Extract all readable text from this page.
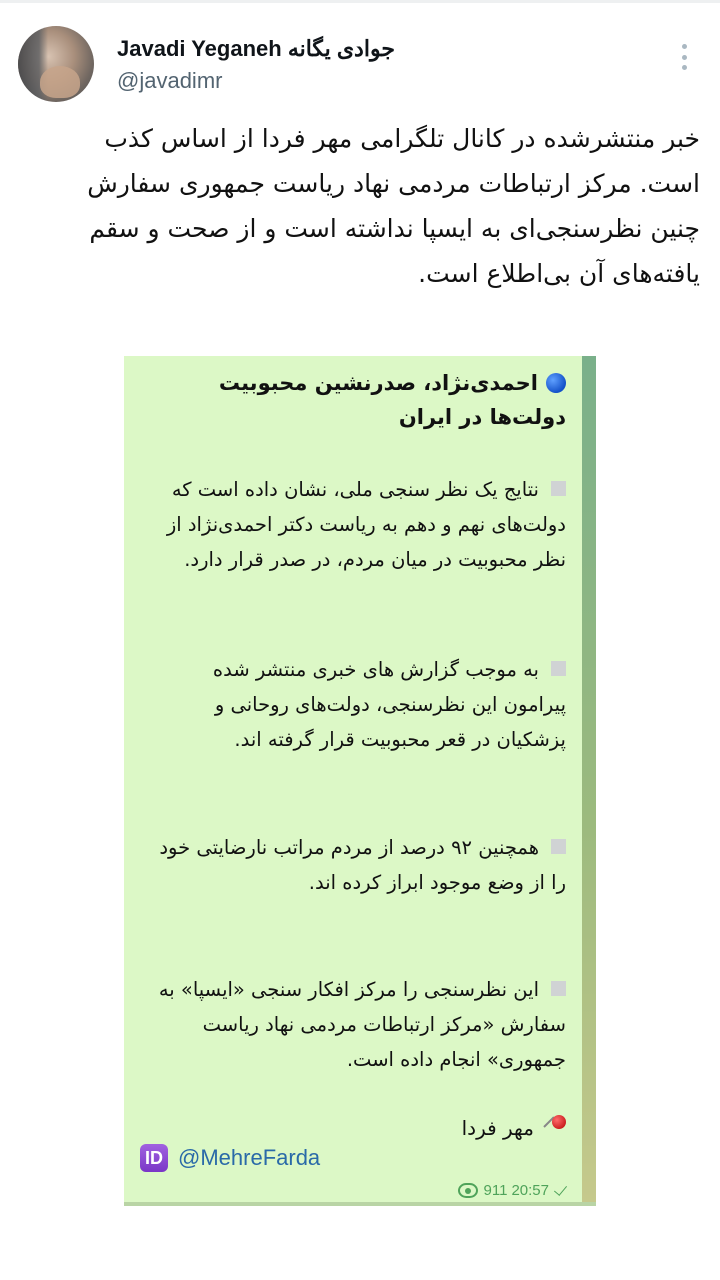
Javadi Yeganeh جوادی یگانه
@javadimr
خبر منتشرشده در کانال تلگرامی مهر فردا از اساس کذب است. مرکز ارتباطات مردمی نهاد ریاست جمهوری سفارش چنین نظرسنجی‌ای به ایسپا نداشته است و از صحت و سقم یافته‌های آن بی‌اطلاع است.
احمدی‌نژاد، صدرنشین محبوبیت دولت‌ها در ایران
نتایج یک نظر سنجی ملی، نشان داده است که دولت‌های نهم و دهم به ریاست دکتر احمدی‌نژاد از نظر محبوبیت در میان مردم، در صدر قرار دارد.
به موجب گزارش های خبری منتشر شده پیرامون این نظرسنجی، دولت‌های روحانی و پزشکیان در قعر محبوبیت قرار گرفته اند.
همچنین ۹۲ درصد از مردم مراتب نارضایتی خود را از وضع موجود ابراز کرده اند.
این نظرسنجی را مرکز افکار سنجی «ایسپا» به سفارش «مرکز ارتباطات مردمی نهاد ریاست جمهوری» انجام داده است.
مهر فردا
ID @MehreFarda
911 20:57
